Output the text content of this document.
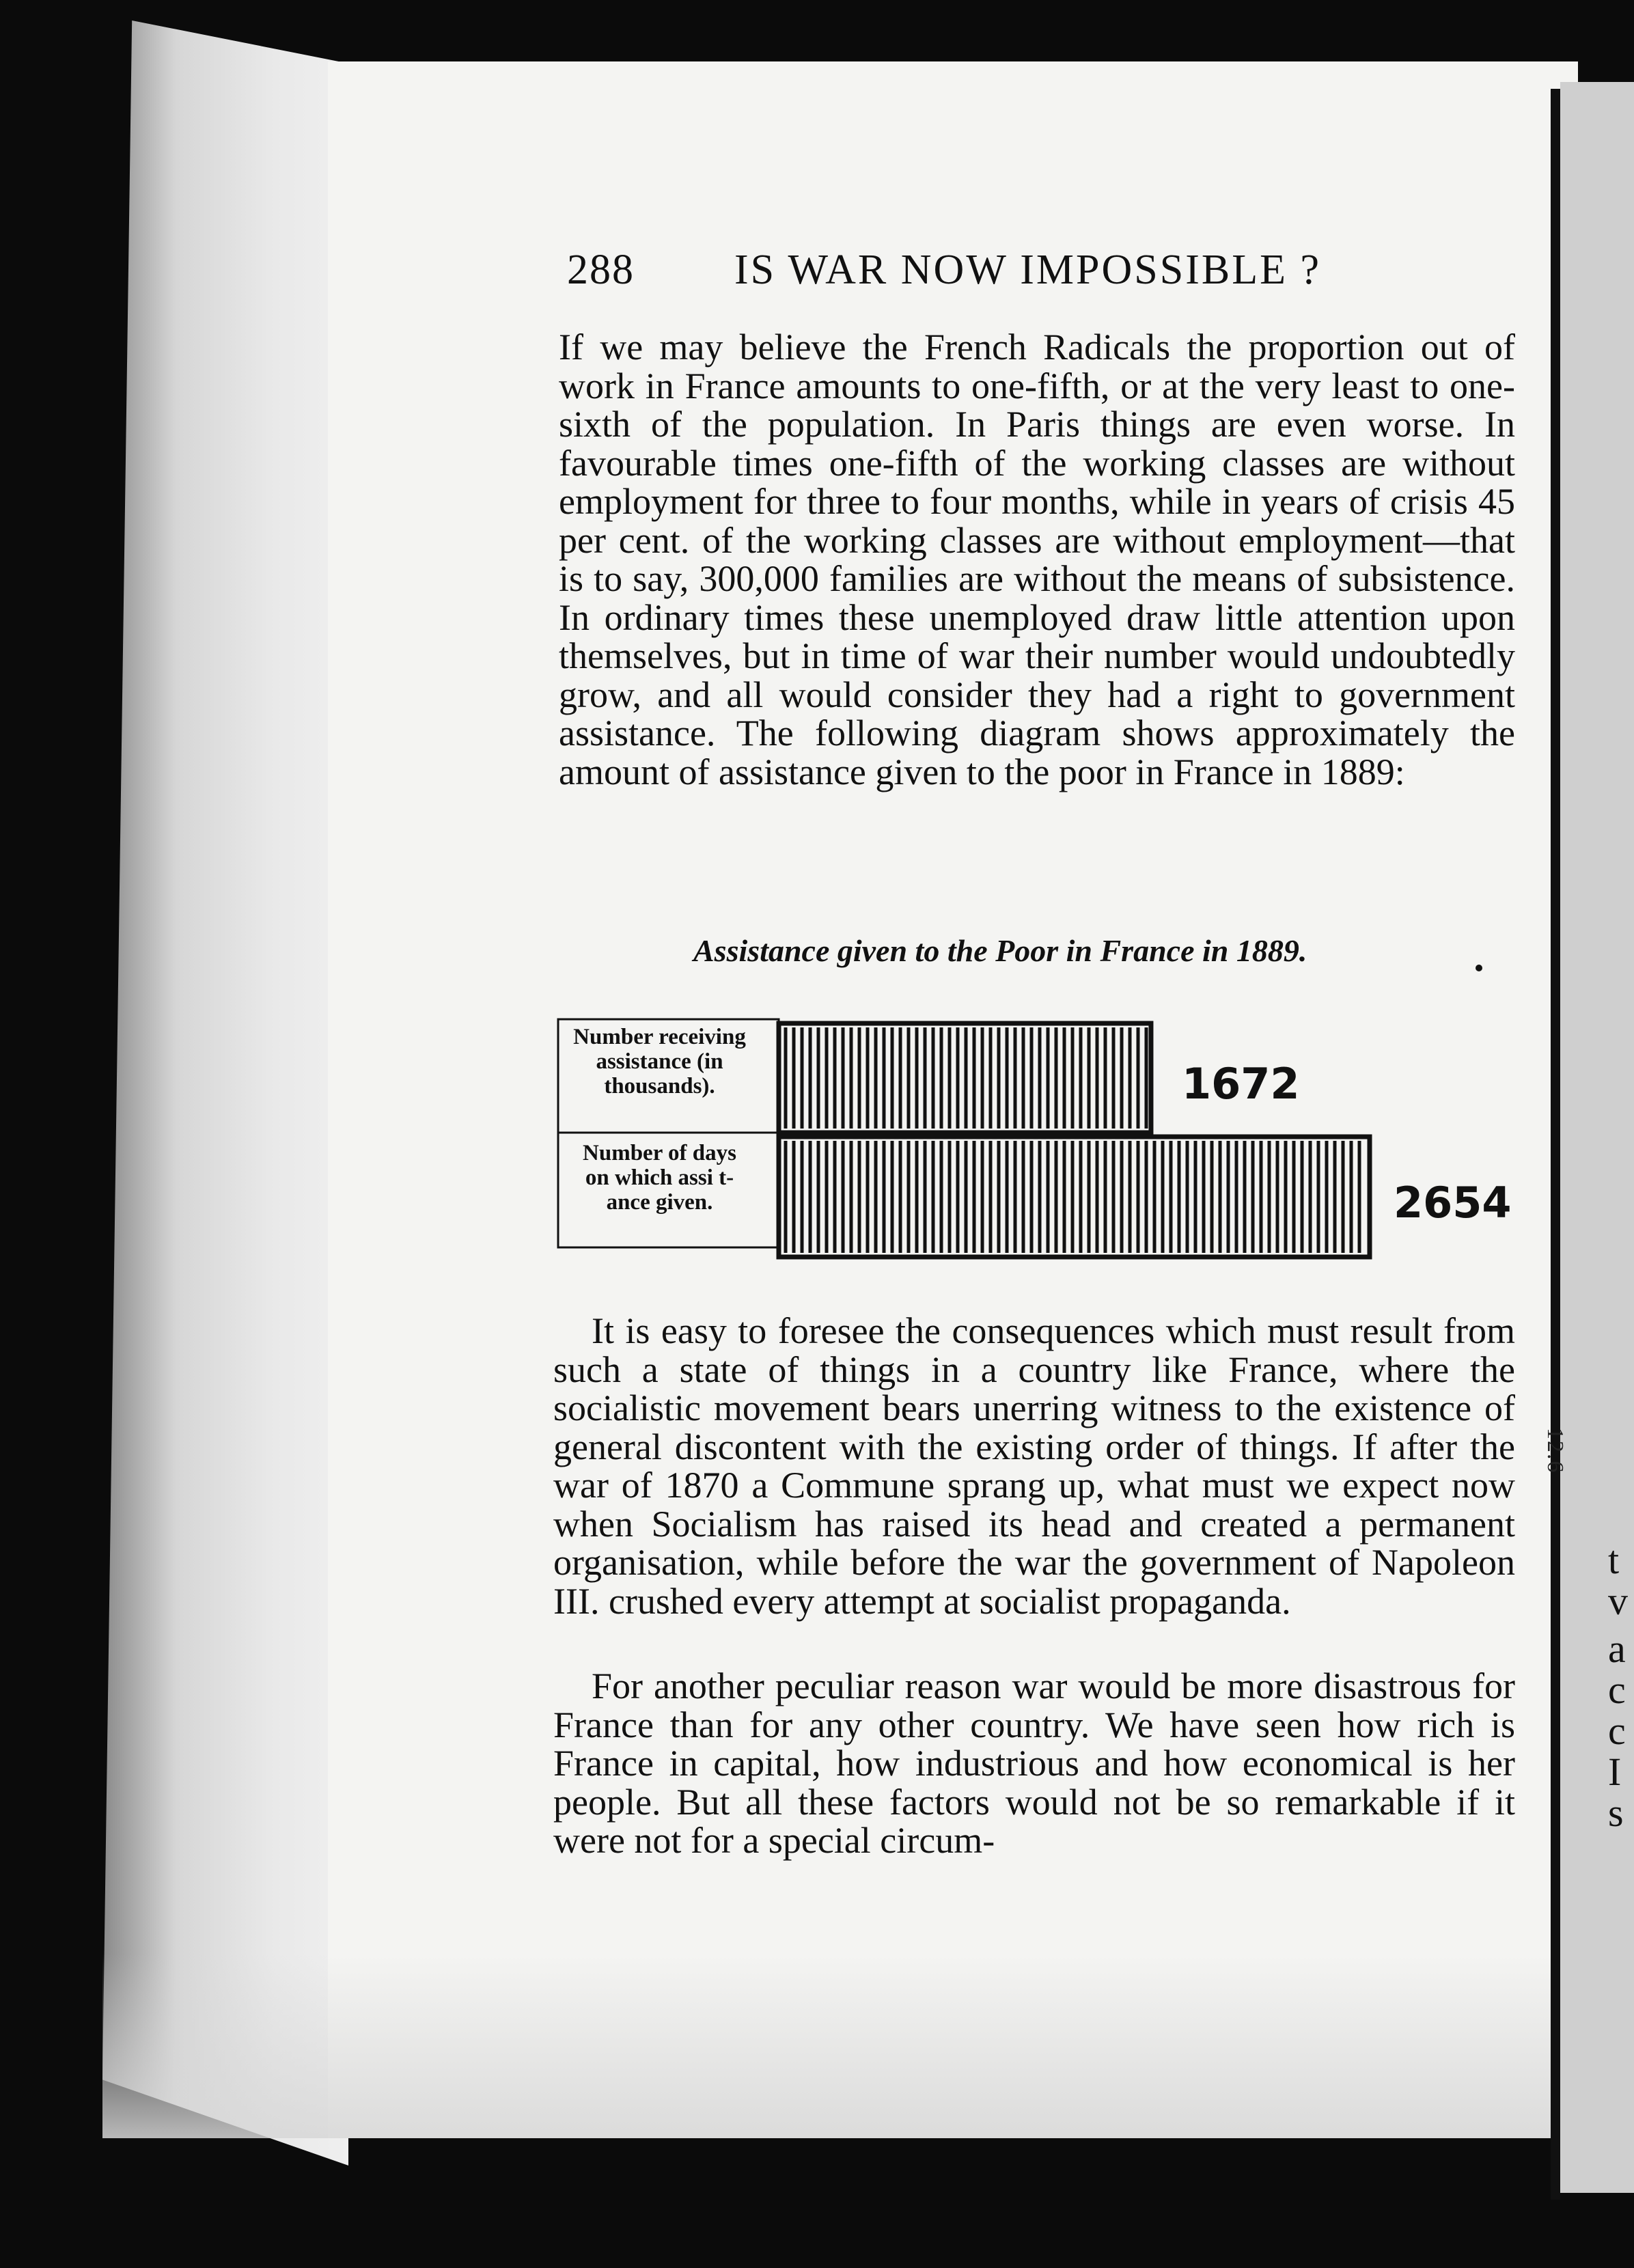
t
v
a
c
c
I
s
12.6
288 IS WAR NOW IMPOSSIBLE ?
If we may believe the French Radicals the proportion out of work in France amounts to one-fifth, or at the very least to one-sixth of the population. In Paris things are even worse. In favourable times one-fifth of the working classes are without employment for three to four months, while in years of crisis 45 per cent. of the working classes are without employment—that is to say, 300,000 families are without the means of subsistence. In ordinary times these unemployed draw little attention upon themselves, but in time of war their number would undoubtedly grow, and all would consider they had a right to government assistance. The following diagram shows approximately the amount of assistance given to the poor in France in 1889:
Assistance given to the Poor in France in 1889.
1672
Number receiving
assistance (in
thousands).
2654
Number of days
on which assi t-
ance given.
It is easy to foresee the consequences which must result from such a state of things in a country like France, where the socialistic movement bears unerring witness to the existence of general discontent with the existing order of things. If after the war of 1870 a Commune sprang up, what must we expect now when Socialism has raised its head and created a permanent organisation, while before the war the government of Napoleon III. crushed every attempt at socialist propaganda.
For another peculiar reason war would be more disastrous for France than for any other country. We have seen how rich is France in capital, how industrious and how economical is her people. But all these factors would not be so remarkable if it were not for a special circum-
